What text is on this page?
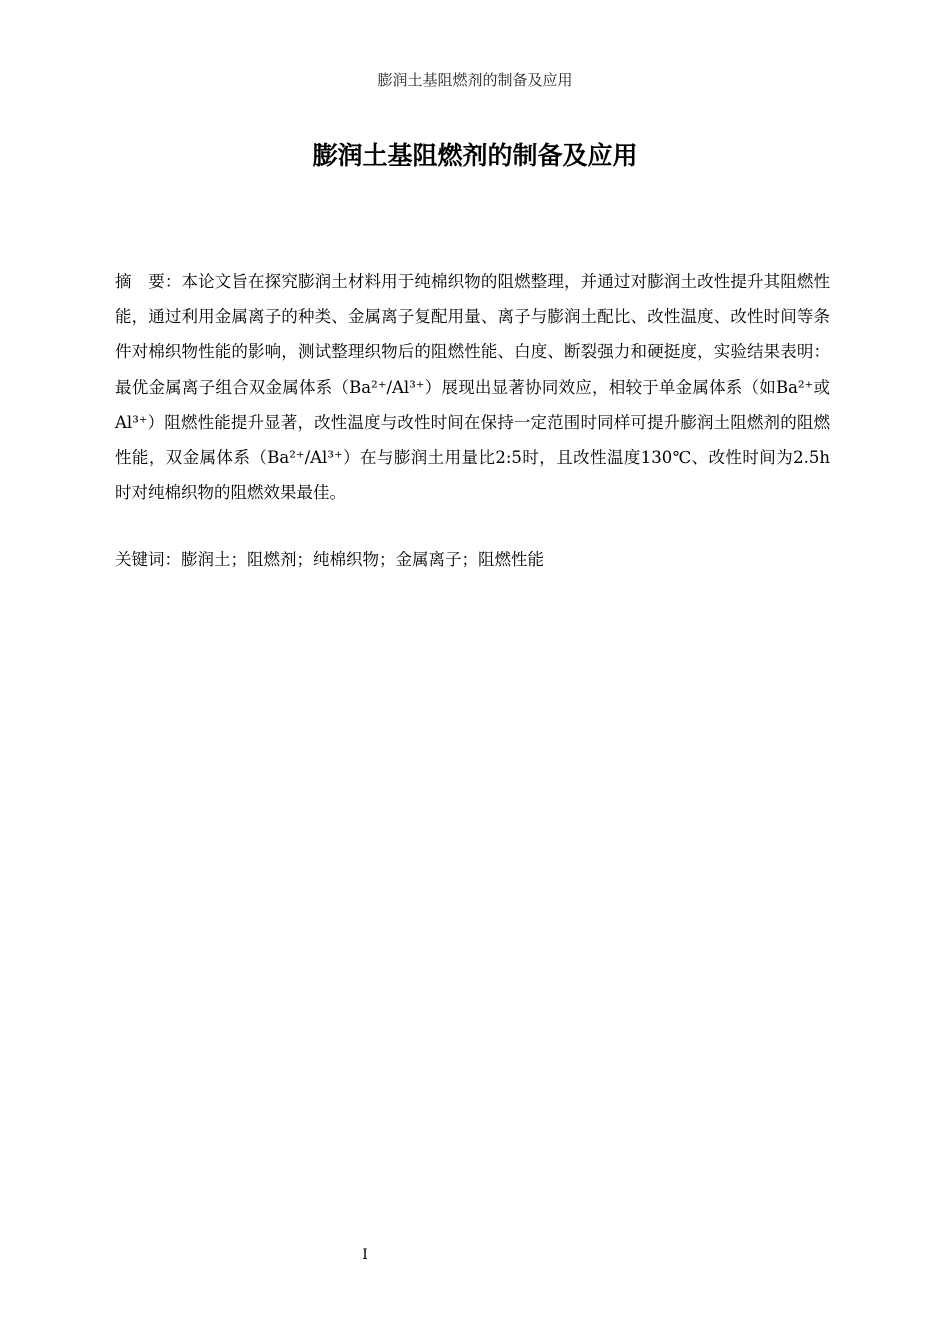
膨润土基阻燃剂的制备及应用
膨润土基阻燃剂的制备及应用

摘　要：本论文旨在探究膨润土材料用于纯棉织物的阻燃整理，并通过对膨润土改性提升其阻燃性能，通过利用金属离子的种类、金属离子复配用量、离子与膨润土配比、改性温度、改性时间等条件对棉织物性能的影响，测试整理织物后的阻燃性能、白度、断裂强力和硬挺度，实验结果表明：最优金属离子组合双金属体系（Ba²⁺/Al³⁺）展现出显著协同效应，相较于单金属体系（如Ba²⁺或Al³⁺）阻燃性能提升显著，改性温度与改性时间在保持一定范围时同样可提升膨润土阻燃剂的阻燃性能，双金属体系（Ba²⁺/Al³⁺）在与膨润土用量比2:5时，且改性温度130℃、改性时间为2.5h时对纯棉织物的阻燃效果最佳。

关键词：膨润土；阻燃剂；纯棉织物；金属离子；阻燃性能

I
